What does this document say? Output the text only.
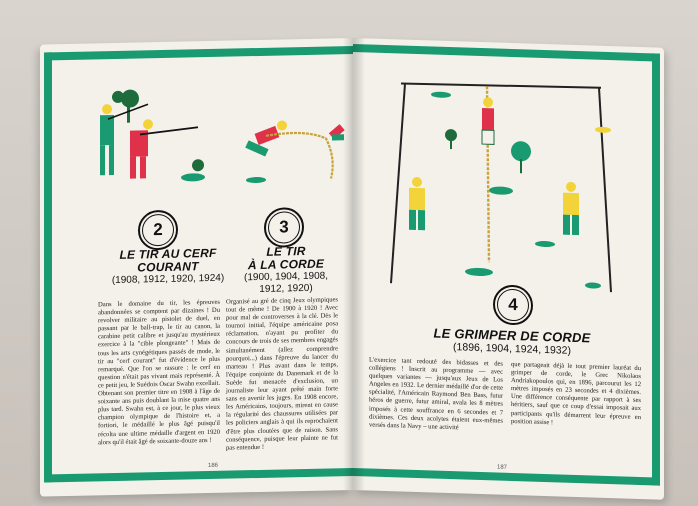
2	3
LE TIR AU CERF
COURANT
(1908, 1912, 1920, 1924)
LE TIR
À LA CORDE
(1900, 1904, 1908,
1912, 1920)
Dans le domaine du tir, les épreuves abandonnées se comptent par dizaines ! Du revolver militaire au pistolet de duel, en passant par le ball-trap, le tir au canon, la carabine petit calibre et jusqu'au mystérieux exercice à la "cible plongeante" ! Mais de tous les arts cynégétiques passés de mode, le tir au "cerf courant" fut d'évidence le plus remarqué. Que l'on se rassure : le cerf en question n'était pas vivant mais représenté. À ce petit jeu, le Suédois Oscar Swahn excellait. Obtenant son premier titre en 1908 à l'âge de soixante ans puis doublant la mise quatre ans plus tard. Swahn est, à ce jour, le plus vieux champion olympique de l'histoire et, a fortiori, le médaillé le plus âgé puisqu'il récolta une ultime médaille d'argent en 1920 alors qu'il était âgé de soixante-douze ans !
Organisé au gré de cinq Jeux olympiques tout de même ! De 1900 à 1920 ! Avec pour mal de controverses à la clé. Dès le tournoi initial, l'équipe américaine posa réclamation, n'ayant pu profiter du concours de trois de ses membres engagés simultanément (allez comprendre pourquoi...) dans l'épreuve du lancer du marteau ! Plus avant dans le temps, l'équipe conjointe du Danemark et de la Suède fut menacée d'exclusion, un journaliste leur ayant prêté main forte sans en avertir les juges. En 1908 encore, les Américains, toujours, mirent en cause la régularité des chaussures utilisées par les policiers anglais à qui ils reprochaient d'être plus cloutées que de raison. Sans conséquence, puisque leur plainte ne fut pas entendue !
186
4
LE GRIMPER DE CORDE
(1896, 1904, 1924, 1932)
L'exercice tant redouté des bidasses et des collégiens ! Inscrit au programme — avec quelques variantes — jusqu'aux Jeux de Los Angeles en 1932. Le dernier médaillé d'or de cette spécialité, l'Américain Raymond Ben Bass, futur héros de guerre, futur amiral, avala les 8 mètres imposés à cette souffrance en 6 secondes et 7 dixièmes. Ces deux acolytes étaient eux-mêmes versés dans la Navy – une activité
que partageait déjà le tout premier lauréat du grimper de corde, le Grec Nikolaos Andriakopoulos qui, en 1896, parcourut les 12 mètres imposés en 23 secondes et 4 dixièmes. Une différence conséquente par rapport à ses héritiers, sauf que ce coup d'essai imposait aux participants qu'ils démarrent leur épreuve en position assise !
187
